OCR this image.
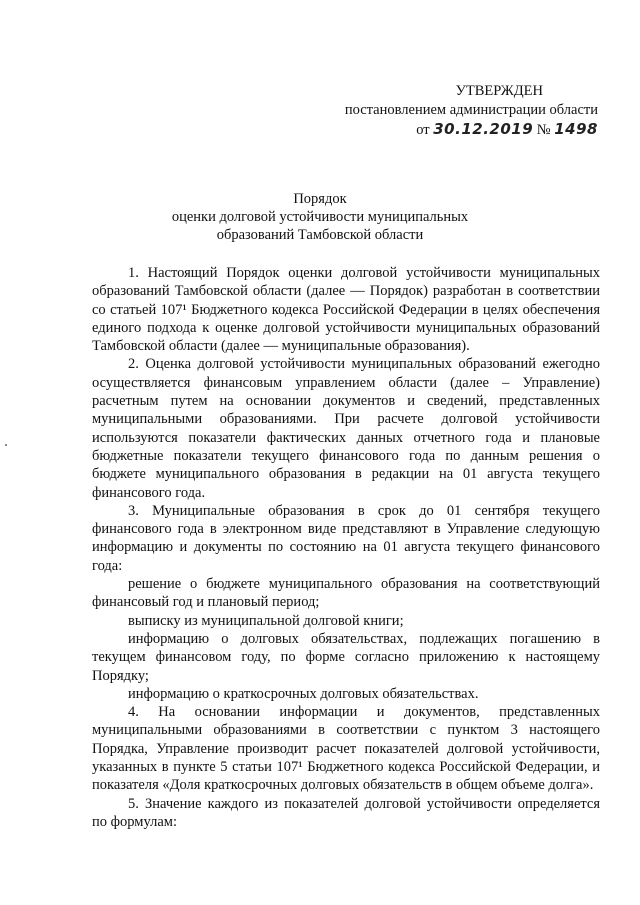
УТВЕРЖДЕН
постановлением администрации области
от 30.12.2019 № 1498
Порядок
оценки долговой устойчивости муниципальных
образований Тамбовской области

1. Настоящий Порядок оценки долговой устойчивости муниципальных образований Тамбовской области (далее — Порядок) разработан в соответствии со статьей 107¹ Бюджетного кодекса Российской Федерации в целях обеспечения единого подхода к оценке долговой устойчивости муниципальных образований Тамбовской области (далее — муниципальные образования).

2. Оценка долговой устойчивости муниципальных образований ежегодно осуществляется финансовым управлением области (далее – Управление) расчетным путем на основании документов и сведений, представленных муниципальными образованиями. При расчете долговой устойчивости используются показатели фактических данных отчетного года и плановые бюджетные показатели текущего финансового года по данным решения о бюджете муниципального образования в редакции на 01 августа текущего финансового года.

3. Муниципальные образования в срок до 01 сентября текущего финансового года в электронном виде представляют в Управление следующую информацию и документы по состоянию на 01 августа текущего финансового года:

решение о бюджете муниципального образования на соответствующий финансовый год и плановый период;

выписку из муниципальной долговой книги;

информацию о долговых обязательствах, подлежащих погашению в текущем финансовом году, по форме согласно приложению к настоящему Порядку;

информацию о краткосрочных долговых обязательствах.

4. На основании информации и документов, представленных муниципальными образованиями в соответствии с пунктом 3 настоящего Порядка, Управление производит расчет показателей долговой устойчивости, указанных в пункте 5 статьи 107¹ Бюджетного кодекса Российской Федерации, и показателя «Доля краткосрочных долговых обязательств в общем объеме долга».

5. Значение каждого из показателей долговой устойчивости определяется по формулам:
